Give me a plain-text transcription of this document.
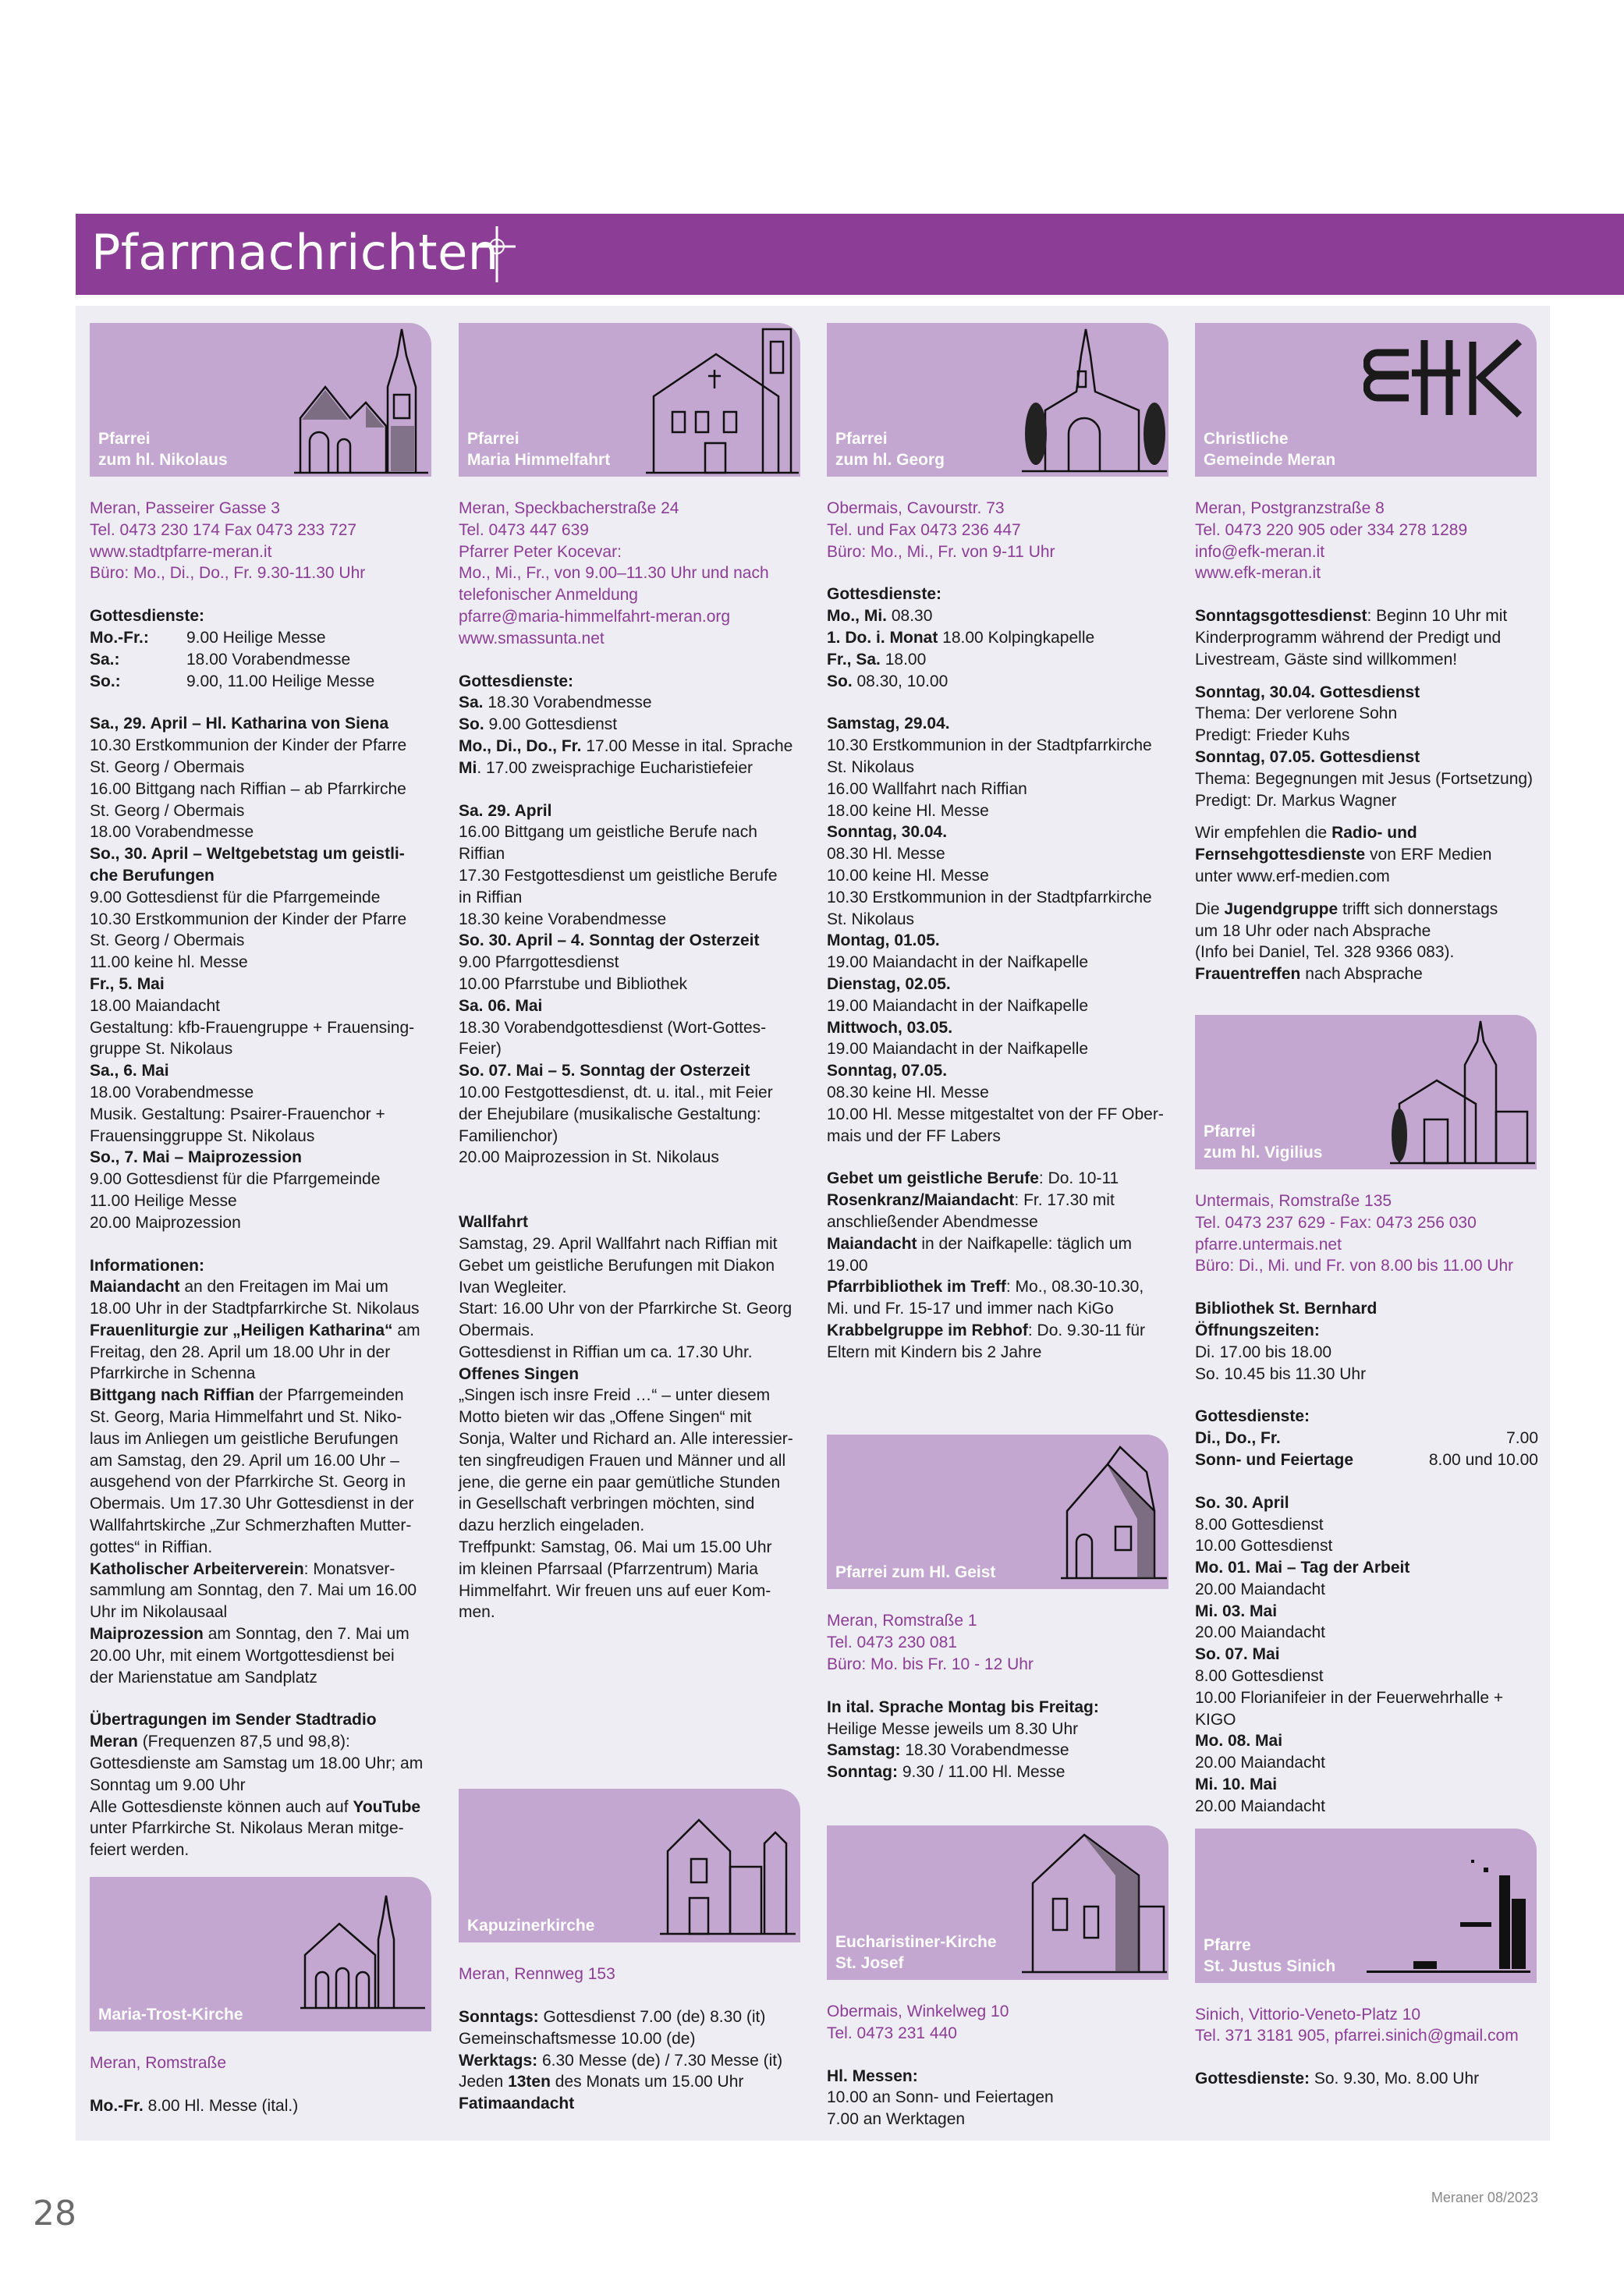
Pfarrnachrichten
Pfarrei
zum hl. Nikolaus
Meran, Passeirer Gasse 3
Tel. 0473 230 174 Fax 0473 233 727
www.stadtpfarre-meran.it
Büro: Mo., Di., Do., Fr. 9.30-11.30 Uhr
Gottesdienste:
Mo.-Fr.:	9.00 Heilige Messe
Sa.:	18.00 Vorabendmesse
So.:	9.00, 11.00 Heilige Messe
Sa., 29. April – Hl. Katharina von Siena
10.30 Erstkommunion der Kinder der Pfarre
St. Georg / Obermais
16.00 Bittgang nach Riffian – ab Pfarrkirche
St. Georg / Obermais
18.00 Vorabendmesse
So., 30. April – Weltgebetstag um geistli-
che Berufungen
9.00 Gottesdienst für die Pfarrgemeinde
10.30 Erstkommunion der Kinder der Pfarre
St. Georg / Obermais
11.00 keine hl. Messe
Fr., 5. Mai
18.00 Maiandacht
Gestaltung: kfb-Frauengruppe + Frauensing-
gruppe St. Nikolaus
Sa., 6. Mai
18.00 Vorabendmesse
Musik. Gestaltung: Psairer-Frauenchor +
Frauensinggruppe St. Nikolaus
So., 7. Mai – Maiprozession
9.00 Gottesdienst für die Pfarrgemeinde
11.00 Heilige Messe
20.00 Maiprozession
Informationen:
Maiandacht an den Freitagen im Mai um
18.00 Uhr in der Stadtpfarrkirche St. Nikolaus
Frauenliturgie zur „Heiligen Katharina“ am
Freitag, den 28. April um 18.00 Uhr in der
Pfarrkirche in Schenna
Bittgang nach Riffian der Pfarrgemeinden
St. Georg, Maria Himmelfahrt und St. Niko-
laus im Anliegen um geistliche Berufungen
am Samstag, den 29. April um 16.00 Uhr –
ausgehend von der Pfarrkirche St. Georg in
Obermais. Um 17.30 Uhr Gottesdienst in der
Wallfahrtskirche „Zur Schmerzhaften Mutter-
gottes“ in Riffian.
Katholischer Arbeiterverein: Monatsver-
sammlung am Sonntag, den 7. Mai um 16.00
Uhr im Nikolausaal
Maiprozession am Sonntag, den 7. Mai um
20.00 Uhr, mit einem Wortgottesdienst bei
der Marienstatue am Sandplatz
Übertragungen im Sender Stadtradio
Meran (Frequenzen 87,5 und 98,8):
Gottesdienste am Samstag um 18.00 Uhr; am
Sonntag um 9.00 Uhr
Alle Gottesdienste können auch auf YouTube
unter Pfarrkirche St. Nikolaus Meran mitge-
feiert werden.
Maria-Trost-Kirche
Meran, Romstraße
Mo.-Fr. 8.00 Hl. Messe (ital.)
Pfarrei
Maria Himmelfahrt
Meran, Speckbacherstraße 24
Tel. 0473 447 639
Pfarrer Peter Kocevar:
Mo., Mi., Fr., von 9.00–11.30 Uhr und nach
telefonischer Anmeldung
pfarre@maria-himmelfahrt-meran.org
www.smassunta.net
Gottesdienste:
Sa. 18.30 Vorabendmesse
So. 9.00 Gottesdienst
Mo., Di., Do., Fr. 17.00 Messe in ital. Sprache
Mi. 17.00 zweisprachige Eucharistiefeier
Sa. 29. April
16.00 Bittgang um geistliche Berufe nach
Riffian
17.30 Festgottesdienst um geistliche Berufe
in Riffian
18.30 keine Vorabendmesse
So. 30. April – 4. Sonntag der Osterzeit
9.00 Pfarrgottesdienst
10.00 Pfarrstube und Bibliothek
Sa. 06. Mai
18.30 Vorabendgottesdienst (Wort-Gottes-
Feier)
So. 07. Mai – 5. Sonntag der Osterzeit
10.00 Festgottesdienst, dt. u. ital., mit Feier
der Ehejubilare (musikalische Gestaltung:
Familienchor)
20.00 Maiprozession in St. Nikolaus
Wallfahrt
Samstag, 29. April Wallfahrt nach Riffian mit
Gebet um geistliche Berufungen mit Diakon
Ivan Wegleiter.
Start: 16.00 Uhr von der Pfarrkirche St. Georg
Obermais.
Gottesdienst in Riffian um ca. 17.30 Uhr.
Offenes Singen
„Singen isch insre Freid …“ – unter diesem
Motto bieten wir das „Offene Singen“ mit
Sonja, Walter und Richard an. Alle interessier-
ten singfreudigen Frauen und Männer und all
jene, die gerne ein paar gemütliche Stunden
in Gesellschaft verbringen möchten, sind
dazu herzlich eingeladen.
Treffpunkt: Samstag, 06. Mai um 15.00 Uhr
im kleinen Pfarrsaal (Pfarrzentrum) Maria
Himmelfahrt. Wir freuen uns auf euer Kom-
men.
Kapuzinerkirche
Meran, Rennweg 153
Sonntags: Gottesdienst 7.00 (de) 8.30 (it)
Gemeinschaftsmesse 10.00 (de)
Werktags: 6.30 Messe (de) / 7.30 Messe (it)
Jeden 13ten des Monats um 15.00 Uhr
Fatimaandacht
Pfarrei
zum hl. Georg
Obermais, Cavourstr. 73
Tel. und Fax 0473 236 447
Büro: Mo., Mi., Fr. von 9-11 Uhr
Gottesdienste:
Mo., Mi. 08.30
1. Do. i. Monat 18.00 Kolpingkapelle
Fr., Sa. 18.00
So. 08.30, 10.00
Samstag, 29.04.
10.30 Erstkommunion in der Stadtpfarrkirche
St. Nikolaus
16.00 Wallfahrt nach Riffian
18.00 keine Hl. Messe
Sonntag, 30.04.
08.30 Hl. Messe
10.00 keine Hl. Messe
10.30 Erstkommunion in der Stadtpfarrkirche
St. Nikolaus
Montag, 01.05.
19.00 Maiandacht in der Naifkapelle
Dienstag, 02.05.
19.00 Maiandacht in der Naifkapelle
Mittwoch, 03.05.
19.00 Maiandacht in der Naifkapelle
Sonntag, 07.05.
08.30 keine Hl. Messe
10.00 Hl. Messe mitgestaltet von der FF Ober-
mais und der FF Labers
Gebet um geistliche Berufe: Do. 10-11
Rosenkranz/Maiandacht: Fr. 17.30 mit
anschließender Abendmesse
Maiandacht in der Naifkapelle: täglich um
19.00
Pfarrbibliothek im Treff: Mo., 08.30-10.30,
Mi. und Fr. 15-17 und immer nach KiGo
Krabbelgruppe im Rebhof: Do. 9.30-11 für
Eltern mit Kindern bis 2 Jahre
Pfarrei zum Hl. Geist
Meran, Romstraße 1
Tel. 0473 230 081
Büro: Mo. bis Fr. 10 - 12 Uhr
In ital. Sprache Montag bis Freitag:
Heilige Messe jeweils um 8.30 Uhr
Samstag: 18.30 Vorabendmesse
Sonntag: 9.30 / 11.00 Hl. Messe
Eucharistiner-Kirche
St. Josef
Obermais, Winkelweg 10
Tel. 0473 231 440
Hl. Messen:
10.00 an Sonn- und Feiertagen
7.00 an Werktagen
Christliche
Gemeinde Meran
Meran, Postgranzstraße 8
Tel. 0473 220 905 oder 334 278 1289
info@efk-meran.it
www.efk-meran.it
Sonntagsgottesdienst: Beginn 10 Uhr mit
Kinderprogramm während der Predigt und
Livestream, Gäste sind willkommen!
Sonntag, 30.04. Gottesdienst
Thema: Der verlorene Sohn
Predigt: Frieder Kuhs
Sonntag, 07.05. Gottesdienst
Thema: Begegnungen mit Jesus (Fortsetzung)
Predigt: Dr. Markus Wagner
Wir empfehlen die Radio- und
Fernsehgottesdienste von ERF Medien
unter www.erf-medien.com
Die Jugendgruppe trifft sich donnerstags
um 18 Uhr oder nach Absprache
(Info bei Daniel, Tel. 328 9366 083).
Frauentreffen nach Absprache
Pfarrei
zum hl. Vigilius
Untermais, Romstraße 135
Tel. 0473 237 629 - Fax: 0473 256 030
pfarre.untermais.net
Büro: Di., Mi. und Fr. von 8.00 bis 11.00 Uhr
Bibliothek St. Bernhard
Öffnungszeiten:
Di. 17.00 bis 18.00
So. 10.45 bis 11.30 Uhr
Gottesdienste:
Di., Do., Fr.	7.00
Sonn- und Feiertage	8.00 und 10.00
So. 30. April
8.00 Gottesdienst
10.00 Gottesdienst
Mo. 01. Mai – Tag der Arbeit
20.00 Maiandacht
Mi. 03. Mai
20.00 Maiandacht
So. 07. Mai
8.00 Gottesdienst
10.00 Florianifeier in der Feuerwehrhalle +
KIGO
Mo. 08. Mai
20.00 Maiandacht
Mi. 10. Mai
20.00 Maiandacht
Pfarre
St. Justus Sinich
Sinich, Vittorio-Veneto-Platz 10
Tel. 371 3181 905, pfarrei.sinich@gmail.com
Gottesdienste: So. 9.30, Mo. 8.00 Uhr
28	Meraner 08/2023
